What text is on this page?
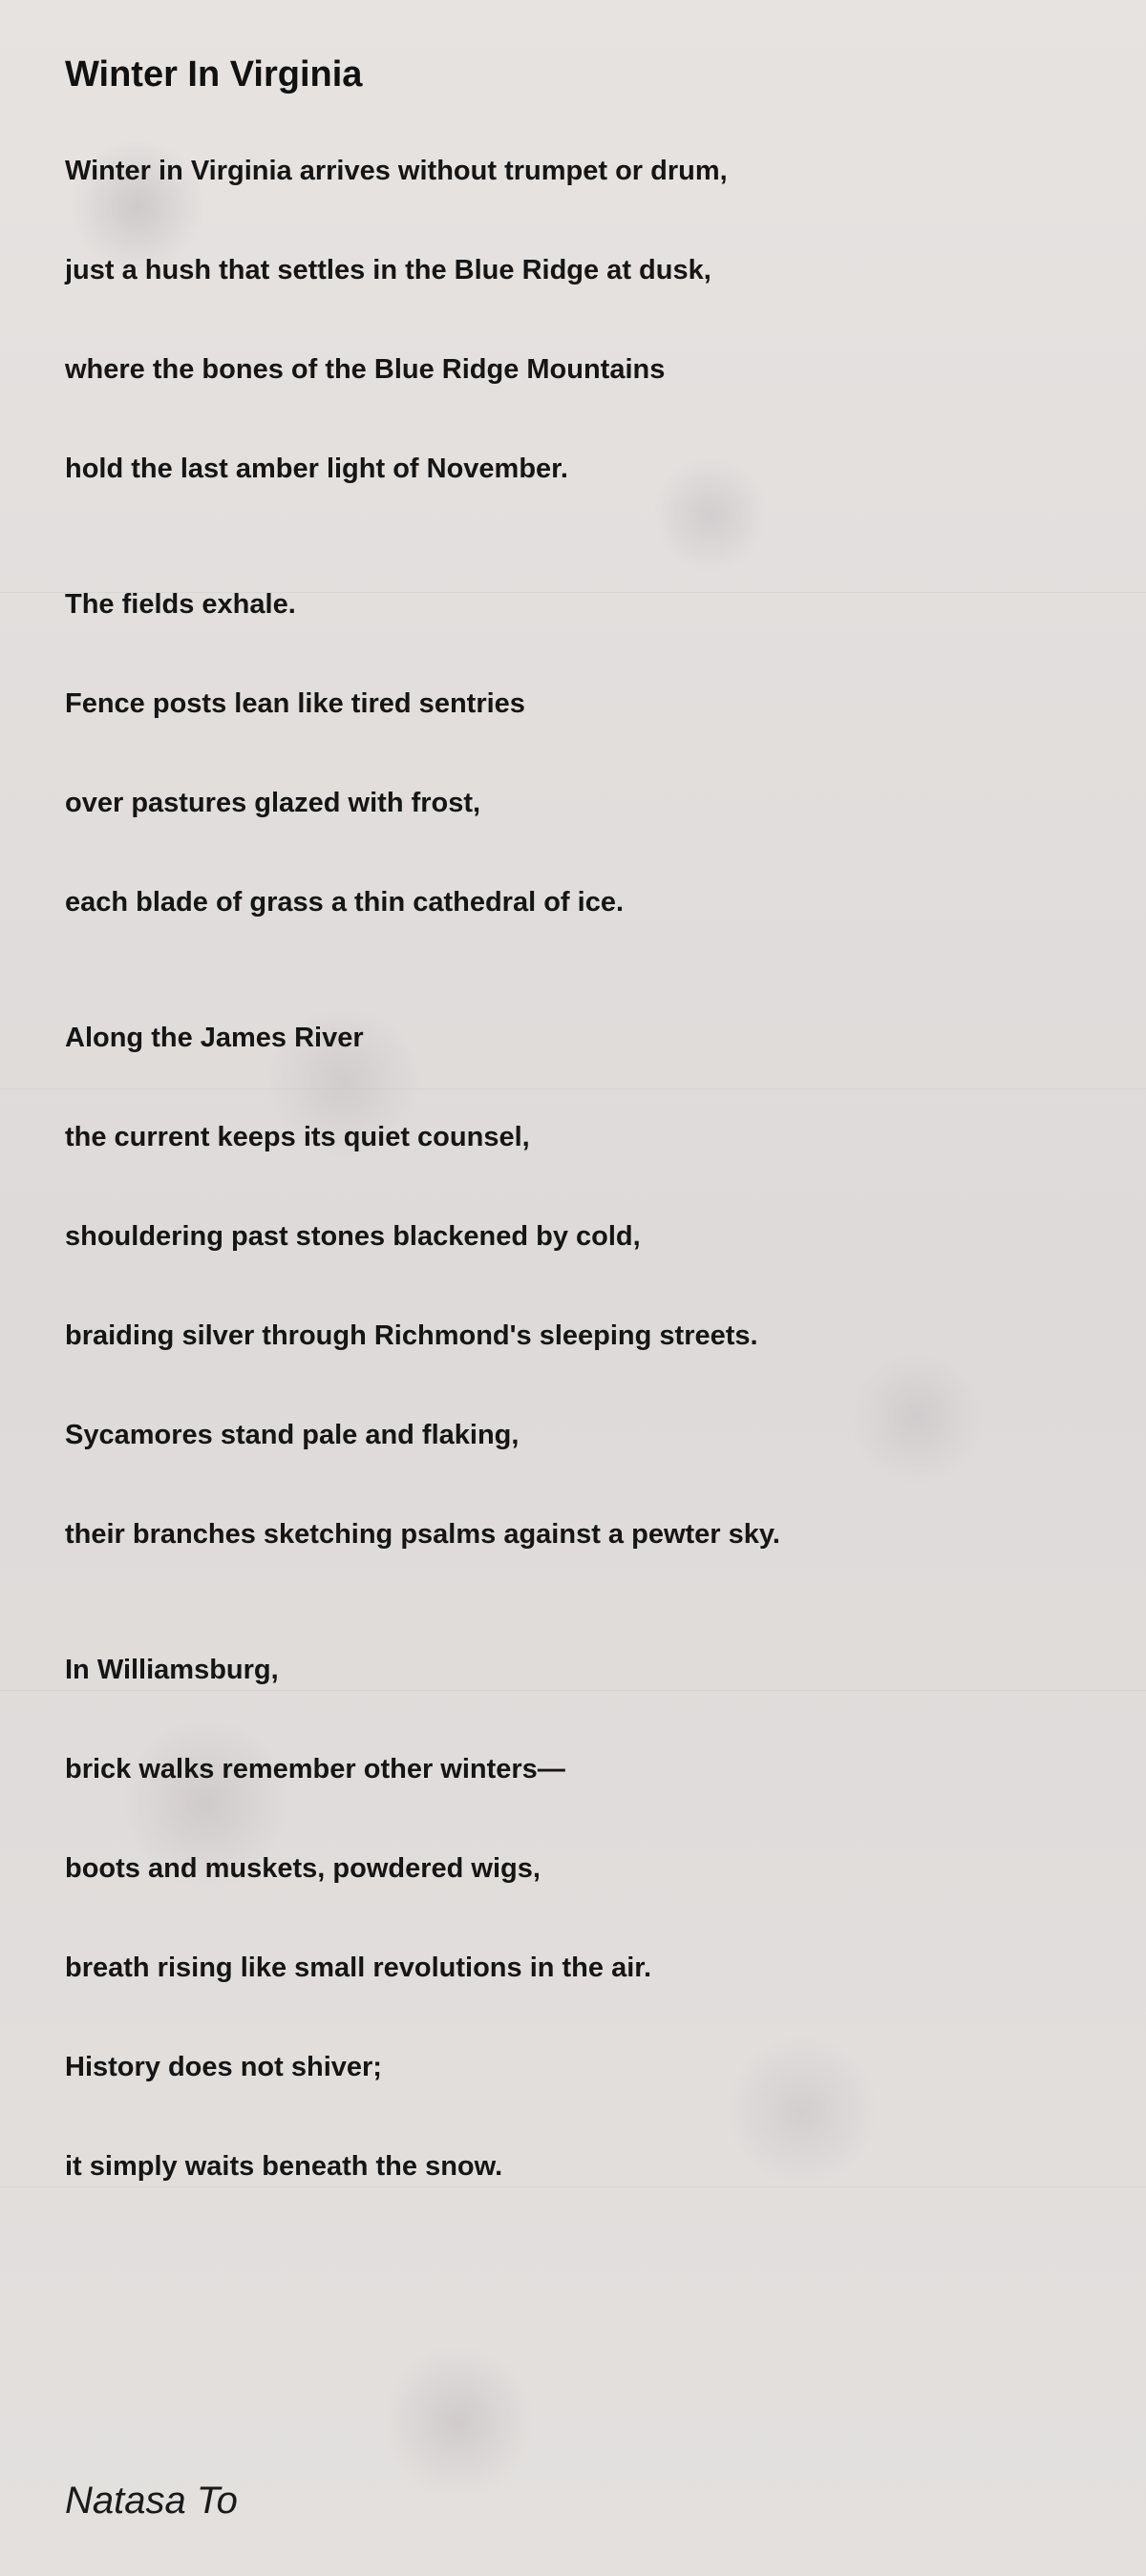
Winter In Virginia
Winter in Virginia arrives without trumpet or drum,
just a hush that settles in the Blue Ridge at dusk,
where the bones of the Blue Ridge Mountains
hold the last amber light of November.
The fields exhale.
Fence posts lean like tired sentries
over pastures glazed with frost,
each blade of grass a thin cathedral of ice.
Along the James River
the current keeps its quiet counsel,
shouldering past stones blackened by cold,
braiding silver through Richmond's sleeping streets.
Sycamores stand pale and flaking,
their branches sketching psalms against a pewter sky.
In Williamsburg,
brick walks remember other winters—
boots and muskets, powdered wigs,
breath rising like small revolutions in the air.
History does not shiver;
it simply waits beneath the snow.
Natasa To
